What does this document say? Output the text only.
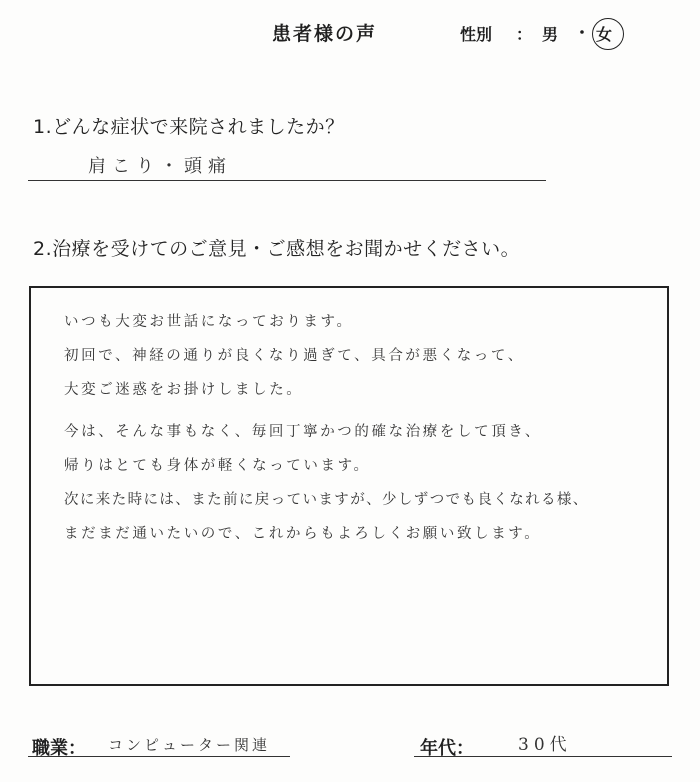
患者様の声	性別 ： 男 ・ 女
1.どんな症状で来院されましたか？
肩こり・頭痛
2.治療を受けてのご意見・ご感想をお聞かせください。
いつも大変お世話になっております。
初回で、神経の通りが良くなり過ぎて、具合が悪くなって、
大変ご迷惑をお掛けしました。
今は、そんな事もなく、毎回丁寧かつ的確な治療をして頂き、
帰りはとても身体が軽くなっています。
次に来た時には、また前に戻っていますが、少しずつでも良くなれる様、
まだまだ通いたいので、これからもよろしくお願い致します。
職業： コンピューター関連	年代：	30代
